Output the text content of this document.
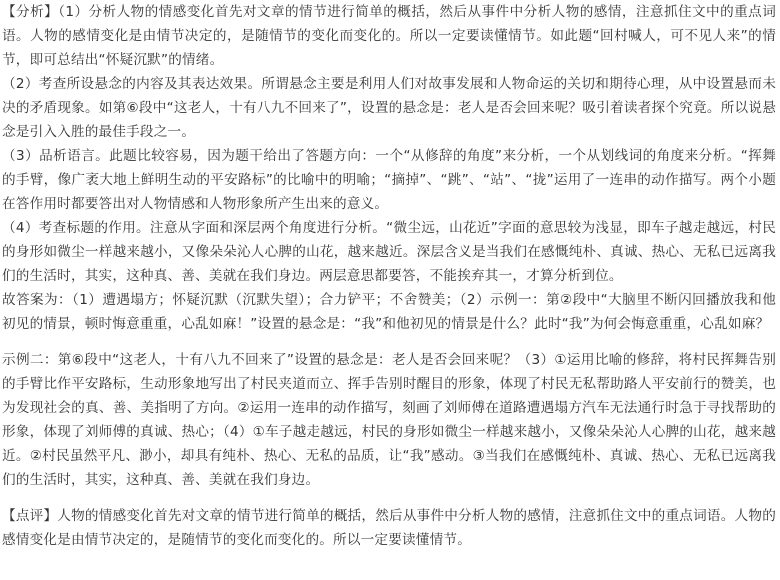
【分析】（1）分析人物的情感变化首先对文章的情节进行简单的概括，然后从事件中分析人物的感情，注意抓住文中的重点词语。人物的感情变化是由情节决定的，是随情节的变化而变化的。所以一定要读懂情节。如此题“回村喊人，可不见人来”的情节，即可总结出“怀疑沉默”的情绪。

（2）考查所设悬念的内容及其表达效果。所谓悬念主要是利用人们对故事发展和人物命运的关切和期待心理，从中设置悬而未决的矛盾现象。如第⑥段中“这老人，十有八九不回来了”，设置的悬念是：老人是否会回来呢？吸引着读者探个究竟。所以说悬念是引入入胜的最佳手段之一。

（3）品析语言。此题比较容易，因为题干给出了答题方向：一个“从修辞的角度”来分析，一个从划线词的角度来分析。“挥舞的手臂，像广袤大地上鲜明生动的平安路标”的比喻中的明喻；“摘掉”、“跳”、“站”、“拢”运用了一连串的动作描写。两个小题在答作用时都要答出对人物情感和人物形象所产生出来的意义。

（4）考查标题的作用。注意从字面和深层两个角度进行分析。“微尘远，山花近”字面的意思较为浅显，即车子越走越远，村民的身形如微尘一样越来越小，又像朵朵沁人心脾的山花，越来越近。深层含义是当我们在感慨纯朴、真诚、热心、无私已远离我们的生活时，其实，这种真、善、美就在我们身边。两层意思都要答，不能挨弃其一，才算分析到位。

故答案为：（1）遭遇塌方；怀疑沉默（沉默失望）；合力铲平；不舍赞美；（2）示例一：第②段中“大脑里不断闪回播放我和他初见的情景，顿时悔意重重，心乱如麻！”设置的悬念是：“我”和他初见的情景是什么？此时“我”为何会悔意重重，心乱如麻？

示例二：第⑥段中“这老人，十有八九不回来了”设置的悬念是：老人是否会回来呢？（3）①运用比喻的修辞，将村民挥舞告别的手臂比作平安路标，生动形象地写出了村民夹道而立、挥手告别时醒目的形象，体现了村民无私帮助路人平安前行的赞美，也为发现社会的真、善、美指明了方向。②运用一连串的动作描写，刻画了刘师傅在道路遭遇塌方汽车无法通行时急于寻找帮助的形象，体现了刘师傅的真诚、热心；（4）①车子越走越远，村民的身形如微尘一样越来越小，又像朵朵沁人心脾的山花，越来越近。②村民虽然平凡、渺小，却具有纯朴、热心、无私的品质，让“我”感动。③当我们在感慨纯朴、真诚、热心、无私已远离我们的生活时，其实，这种真、善、美就在我们身边。

【点评】人物的情感变化首先对文章的情节进行简单的概括，然后从事件中分析人物的感情，注意抓住文中的重点词语。人物的感情变化是由情节决定的，是随情节的变化而变化的。所以一定要读懂情节。
